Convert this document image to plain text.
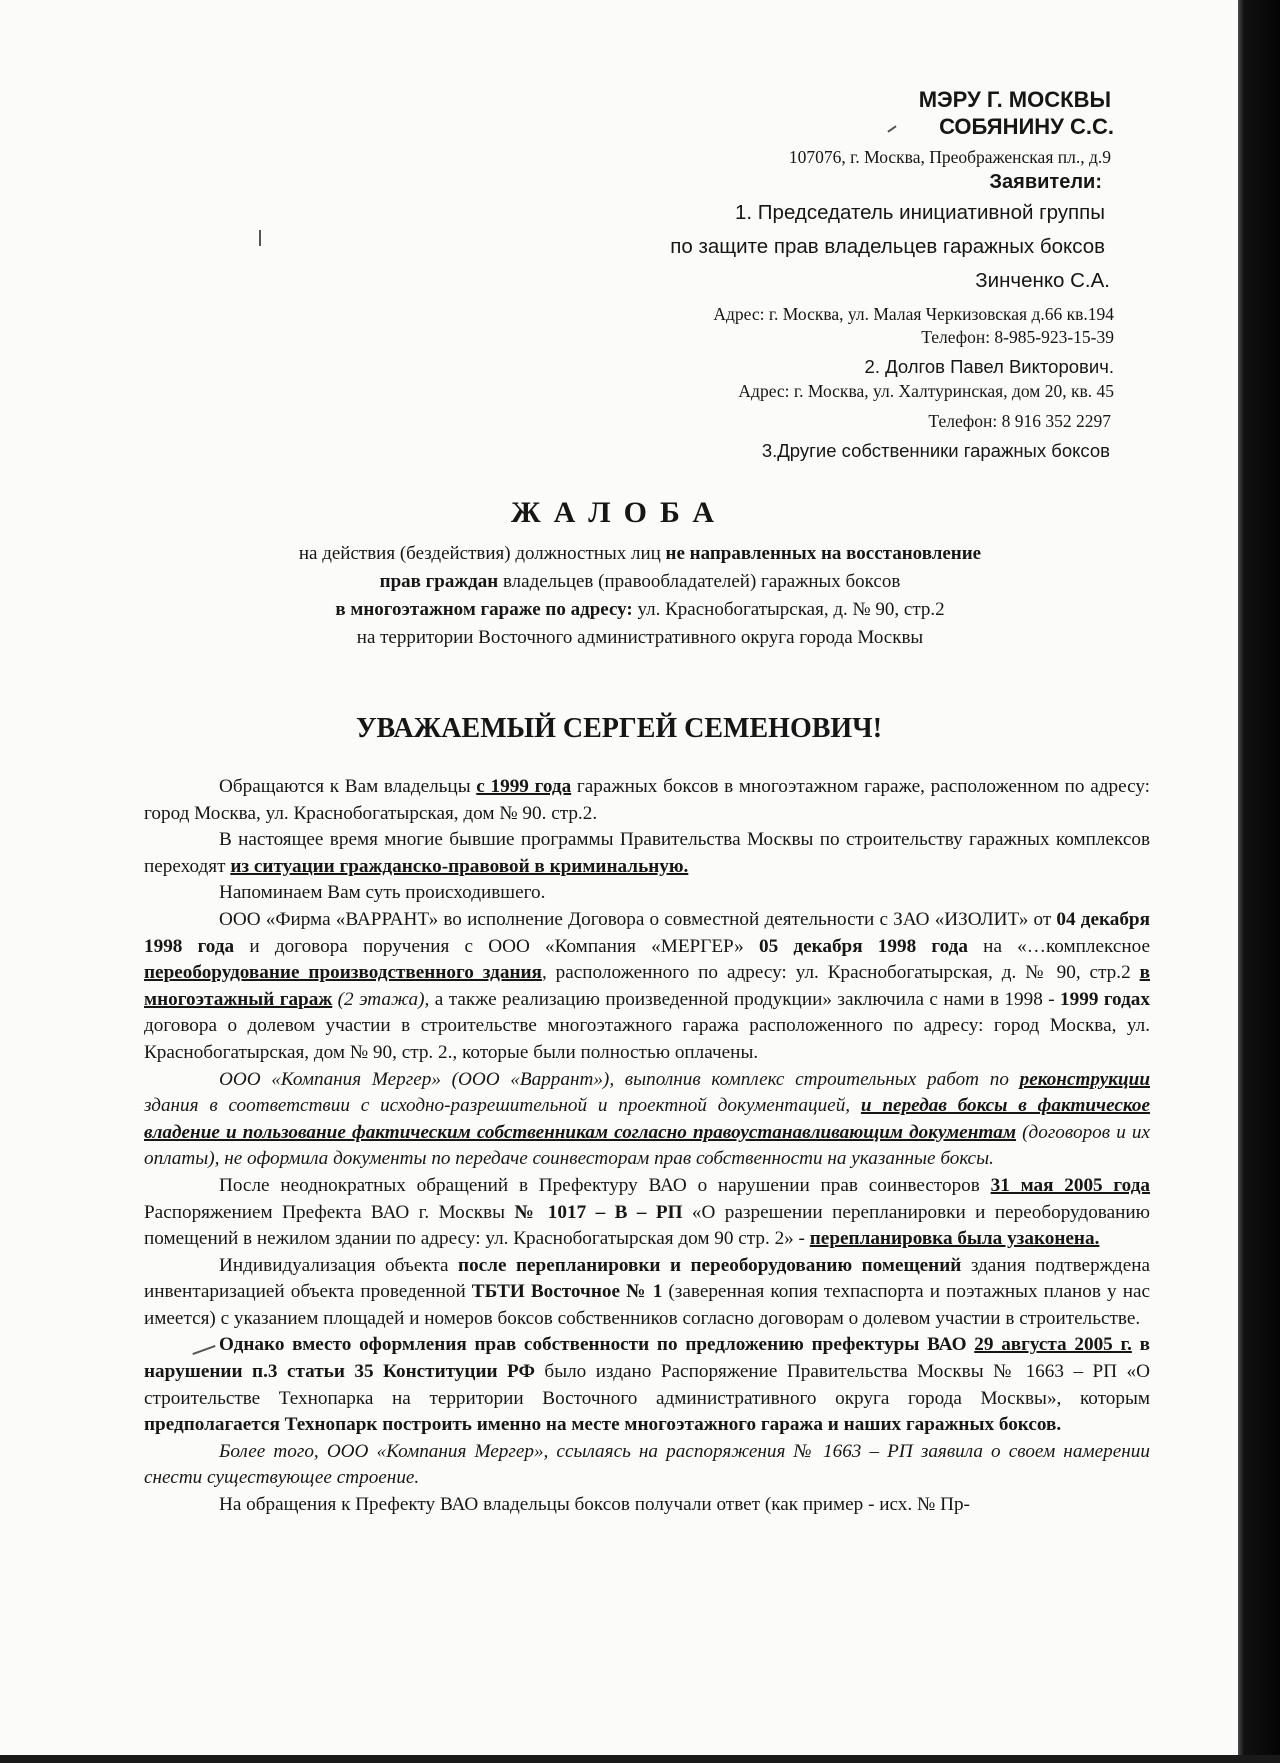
МЭРУ Г. МОСКВЫ
СОБЯНИНУ С.С.
107076, г. Москва, Преображенская пл., д.9
Заявители:
1. Председатель инициативной группы
по защите прав владельцев гаражных боксов
Зинченко С.А.
Адрес: г. Москва, ул. Малая Черкизовская д.66 кв.194
Телефон: 8-985-923-15-39
2. Долгов Павел Викторович.
Адрес: г. Москва, ул. Халтуринская, дом 20, кв. 45
Телефон: 8 916 352 2297
3.Другие собственники гаражных боксов
ЖАЛОБА
на действия (бездействия) должностных лиц не направленных на восстановление
прав граждан владельцев (правообладателей) гаражных боксов
в многоэтажном гараже по адресу: ул. Краснобогатырская, д. № 90, стр.2
на территории Восточного административного округа города Москвы
УВАЖАЕМЫЙ СЕРГЕЙ СЕМЕНОВИЧ!

Обращаются к Вам владельцы с 1999 года гаражных боксов в многоэтажном гараже, расположенном по адресу: город Москва, ул. Краснобогатырская, дом № 90. стр.2.

В настоящее время многие бывшие программы Правительства Москвы по строительству гаражных комплексов переходят из ситуации гражданско-правовой в криминальную.

Напоминаем Вам суть происходившего.

ООО «Фирма «ВАРРАНТ» во исполнение Договора о совместной деятельности с ЗАО «ИЗОЛИТ» от 04 декабря 1998 года и договора поручения с ООО «Компания «МЕРГЕР» 05 декабря 1998 года на «…комплексное переоборудование производственного здания, расположенного по адресу: ул. Краснобогатырская, д. № 90, стр.2 в многоэтажный гараж (2 этажа), а также реализацию произведенной продукции» заключила с нами в 1998 - 1999 годах договора о долевом участии в строительстве многоэтажного гаража расположенного по адресу: город Москва, ул. Краснобогатырская, дом № 90, стр. 2., которые были полностью оплачены.

ООО «Компания Мергер» (ООО «Варрант»), выполнив комплекс строительных работ по реконструкции здания в соответствии с исходно-разрешительной и проектной документацией, и передав боксы в фактическое владение и пользование фактическим собственникам согласно правоустанавливающим документам (договоров и их оплаты), не оформила документы по передаче соинвесторам прав собственности на указанные боксы.

После неоднократных обращений в Префектуру ВАО о нарушении прав соинвесторов 31 мая 2005 года Распоряжением Префекта ВАО г. Москвы № 1017 – В – РП «О разрешении перепланировки и переоборудованию помещений в нежилом здании по адресу: ул. Краснобогатырская дом 90 стр. 2» - перепланировка была узаконена.

Индивидуализация объекта после перепланировки и переоборудованию помещений здания подтверждена инвентаризацией объекта проведенной ТБТИ Восточное № 1 (заверенная копия техпаспорта и поэтажных планов у нас имеется) с указанием площадей и номеров боксов собственников согласно договорам о долевом участии в строительстве.

Однако вместо оформления прав собственности по предложению префектуры ВАО 29 августа 2005 г. в нарушении п.3 статьи 35 Конституции РФ было издано Распоряжение Правительства Москвы № 1663 – РП «О строительстве Технопарка на территории Восточного административного округа города Москвы», которым предполагается Технопарк построить именно на месте многоэтажного гаража и наших гаражных боксов.

Более того, ООО «Компания Мергер», ссылаясь на распоряжения № 1663 – РП заявила о своем намерении снести существующее строение.

На обращения к Префекту ВАО владельцы боксов получали ответ (как пример - исх. № Пр-
